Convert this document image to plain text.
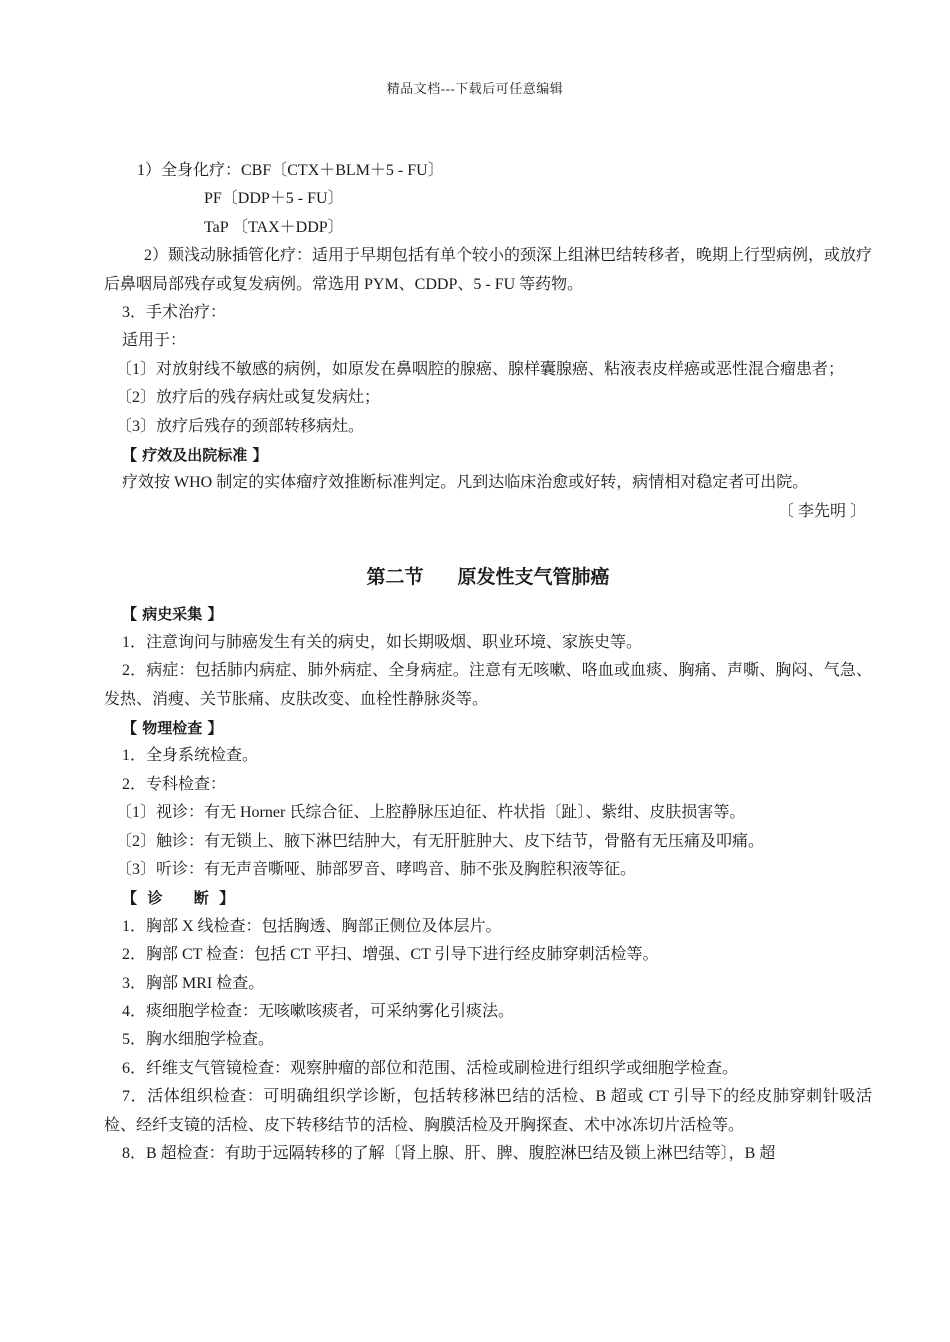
精品文档---下载后可任意编辑

1）全身化疗：CBF〔CTX＋BLM＋5 - FU〕

PF〔DDP＋5 - FU〕

TaP 〔TAX＋DDP〕

2）颞浅动脉插管化疗：适用于早期包括有单个较小的颈深上组淋巴结转移者，晚期上行型病例，或放疗后鼻咽局部残存或复发病例。常选用 PYM、CDDP、5 - FU 等药物。

3．手术治疗：

适用于：

〔1〕对放射线不敏感的病例，如原发在鼻咽腔的腺癌、腺样囊腺癌、粘液表皮样癌或恶性混合瘤患者；

〔2〕放疗后的残存病灶或复发病灶；

〔3〕放疗后残存的颈部转移病灶。

【 疗效及出院标准 】

疗效按 WHO 制定的实体瘤疗效推断标准判定。凡到达临床治愈或好转，病情相对稳定者可出院。

〔 李先明 〕

第二节 原发性支气管肺癌

【 病史采集 】

1．注意询问与肺癌发生有关的病史，如长期吸烟、职业环境、家族史等。

2．病症：包括肺内病症、肺外病症、全身病症。注意有无咳嗽、咯血或血痰、胸痛、声嘶、胸闷、气急、发热、消瘦、关节胀痛、皮肤改变、血栓性静脉炎等。

【 物理检查 】

1．全身系统检查。

2．专科检查：

〔1〕视诊：有无 Horner 氏综合征、上腔静脉压迫征、杵状指〔趾〕、紫绀、皮肤损害等。

〔2〕触诊：有无锁上、腋下淋巴结肿大，有无肝脏肿大、皮下结节，骨骼有无压痛及叩痛。

〔3〕听诊：有无声音嘶哑、肺部罗音、哮鸣音、肺不张及胸腔积液等征。

【  诊      断  】

1．胸部 X 线检查：包括胸透、胸部正侧位及体层片。

2．胸部 CT 检查：包括 CT 平扫、增强、CT 引导下进行经皮肺穿刺活检等。

3．胸部 MRI 检查。

4．痰细胞学检查：无咳嗽咳痰者，可采纳雾化引痰法。

5．胸水细胞学检查。

6．纤维支气管镜检查：观察肿瘤的部位和范围、活检或刷检进行组织学或细胞学检查。

7．活体组织检查：可明确组织学诊断，包括转移淋巴结的活检、B 超或 CT 引导下的经皮肺穿刺针吸活检、经纤支镜的活检、皮下转移结节的活检、胸膜活检及开胸探查、术中冰冻切片活检等。

8．B 超检查：有助于远隔转移的了解〔肾上腺、肝、脾、腹腔淋巴结及锁上淋巴结等〕，B 超
